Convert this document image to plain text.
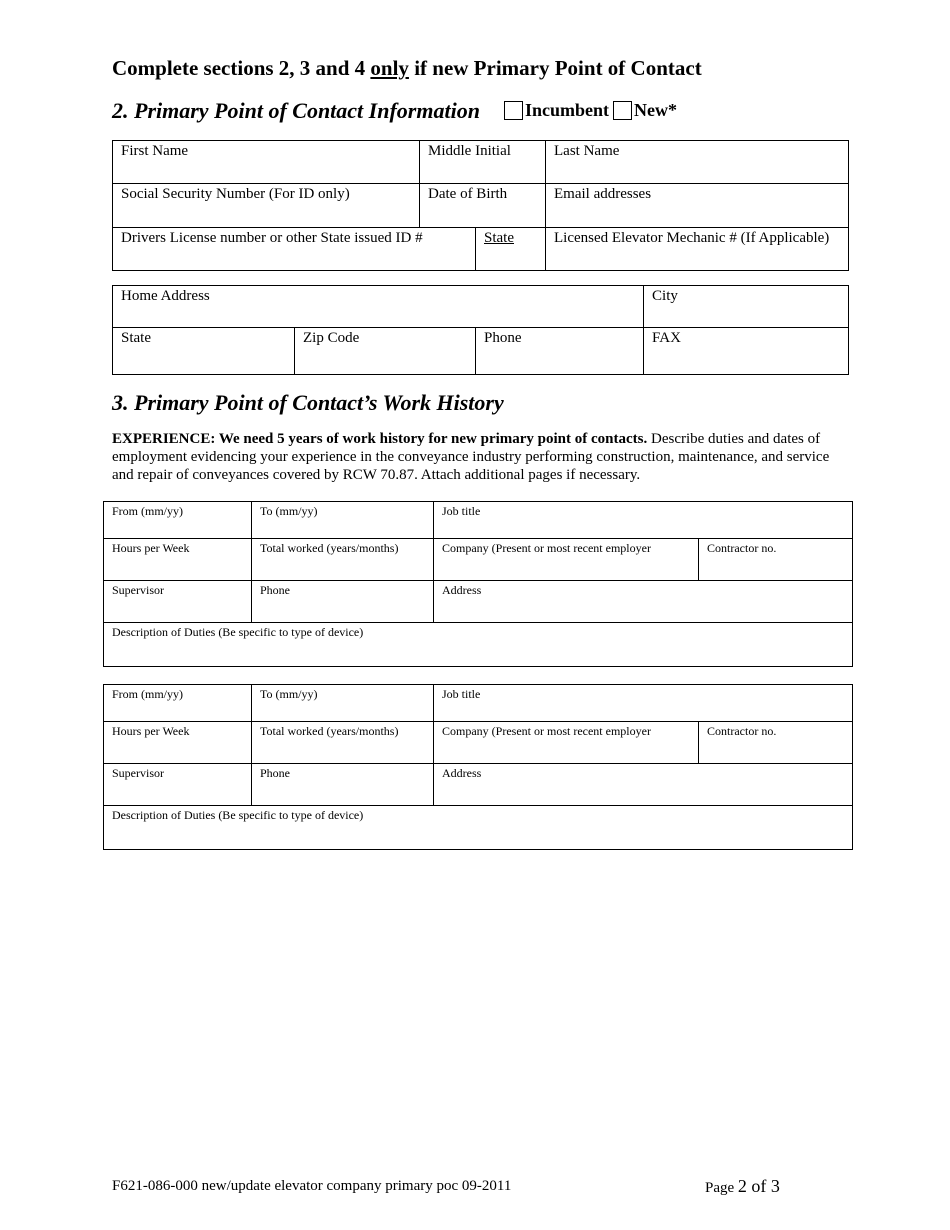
Complete sections 2, 3 and 4 only if new Primary Point of Contact
2. Primary Point of Contact Information	Incumbent New*
First Name	Middle Initial		Last Name

Social Security Number (For ID only)	Date of Birth		Email addresses

Drivers License number or other State issued ID #		State	Licensed Elevator Mechanic # (If Applicable)
Home Address			City

State	Zip Code	Phone	FAX
3. Primary Point of Contact’s Work History
EXPERIENCE: We need 5 years of work history for new primary point of contacts. Describe duties and dates of employment evidencing your experience in the conveyance industry performing construction, maintenance, and service and repair of conveyances covered by RCW 70.87. Attach additional pages if necessary.
From (mm/yy)	To (mm/yy)	Job title	

Hours per Week	Total worked (years/months)	Company (Present or most recent employer	Contractor no.

Supervisor	Phone	Address	

Description of Duties (Be specific to type of device)			
From (mm/yy)	To (mm/yy)	Job title	

Hours per Week	Total worked (years/months)	Company (Present or most recent employer	Contractor no.

Supervisor	Phone	Address	

Description of Duties (Be specific to type of device)			
F621-086-000 new/update elevator company primary poc 09-2011	Page 2 of 3
